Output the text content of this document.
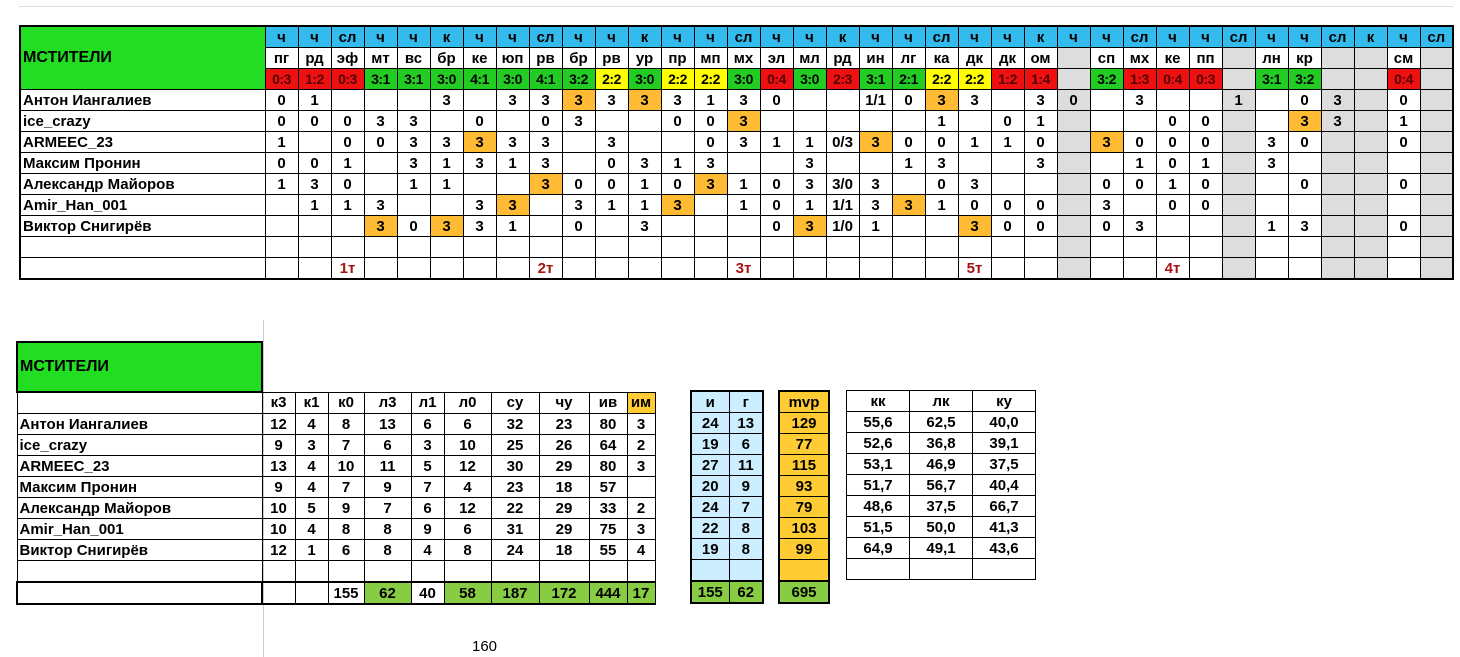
МСТИТЕЛИ	ч	ч	сл	ч	ч	к	ч	ч	сл	ч	ч	к	ч	ч	сл	ч	ч	к	ч	ч	сл	ч	ч	к	ч	ч	сл	ч	ч	сл	ч	ч	сл	к	ч	сл
	пг	рд	эф	мт	вс	бр	ке	юп	рв	бр	рв	ур	пр	мп	мх	эл	мл	рд	ин	лг	ка	дк	дк	ом		сп	мх	ке	пп		лн	кр			см	
	0:3	1:2	0:3	3:1	3:1	3:0	4:1	3:0	4:1	3:2	2:2	3:0	2:2	2:2	3:0	0:4	3:0	2:3	3:1	2:1	2:2	2:2	1:2	1:4		3:2	1:3	0:4	0:3		3:1	3:2			0:4	
Антон Иангалиев	0	1				3		3	3	3	3	3	3	1	3	0			1/1	0	3	3		3	0		3			1		0	3		0	
ice_crazy	0	0	0	3	3		0		0	3			0	0	3						1		0	1				0	0			3	3		1	
ARMEEC_23	1		0	0	3	3	3	3	3		3			0	3	1	1	0/3	3	0	0	1	1	0		3	0	0	0		3	0			0	
Максим Пронин	0	0	1		3	1	3	1	3		0	3	1	3			3			1	3			3			1	0	1		3					
Александр Майоров	1	3	0		1	1			3	0	0	1	0	3	1	0	3	3/0	3		0	3				0	0	1	0			0			0	
Amir_Han_001		1	1	3			3	3		3	1	1	3		1	0	1	1/1	3	3	1	0	0	0		3		0	0							
Виктор Снигирёв				3	0	3	3	1		0		3				0	3	1/0	1			3	0	0		0	3				1	3			0	

			1т						2т						3т							5т						4т								
МСТИТЕЛИ										
	к3	к1	к0	л3	л1	л0	су	чу	ив	им
Антон Иангалиев	12	4	8	13	6	6	32	23	80	3
ice_crazy	9	3	7	6	3	10	25	26	64	2
ARMEEC_23	13	4	10	11	5	12	30	29	80	3
Максим Пронин	9	4	7	9	7	4	23	18	57	
Александр Майоров	10	5	9	7	6	12	22	29	33	2
Amir_Han_001	10	4	8	8	9	6	31	29	75	3
Виктор Снигирёв	12	1	6	8	4	8	24	18	55	4

			155	62	40	58	187	172	444	17
и	г
24	13
19	6
27	11
20	9
24	7
22	8
19	8

155	62
mvp
129
77
115
93
79
103
99

695
кк	лк	ку
55,6	62,5	40,0
52,6	36,8	39,1
53,1	46,9	37,5
51,7	56,7	40,4
48,6	37,5	66,7
51,5	50,0	41,3
64,9	49,1	43,6

160
